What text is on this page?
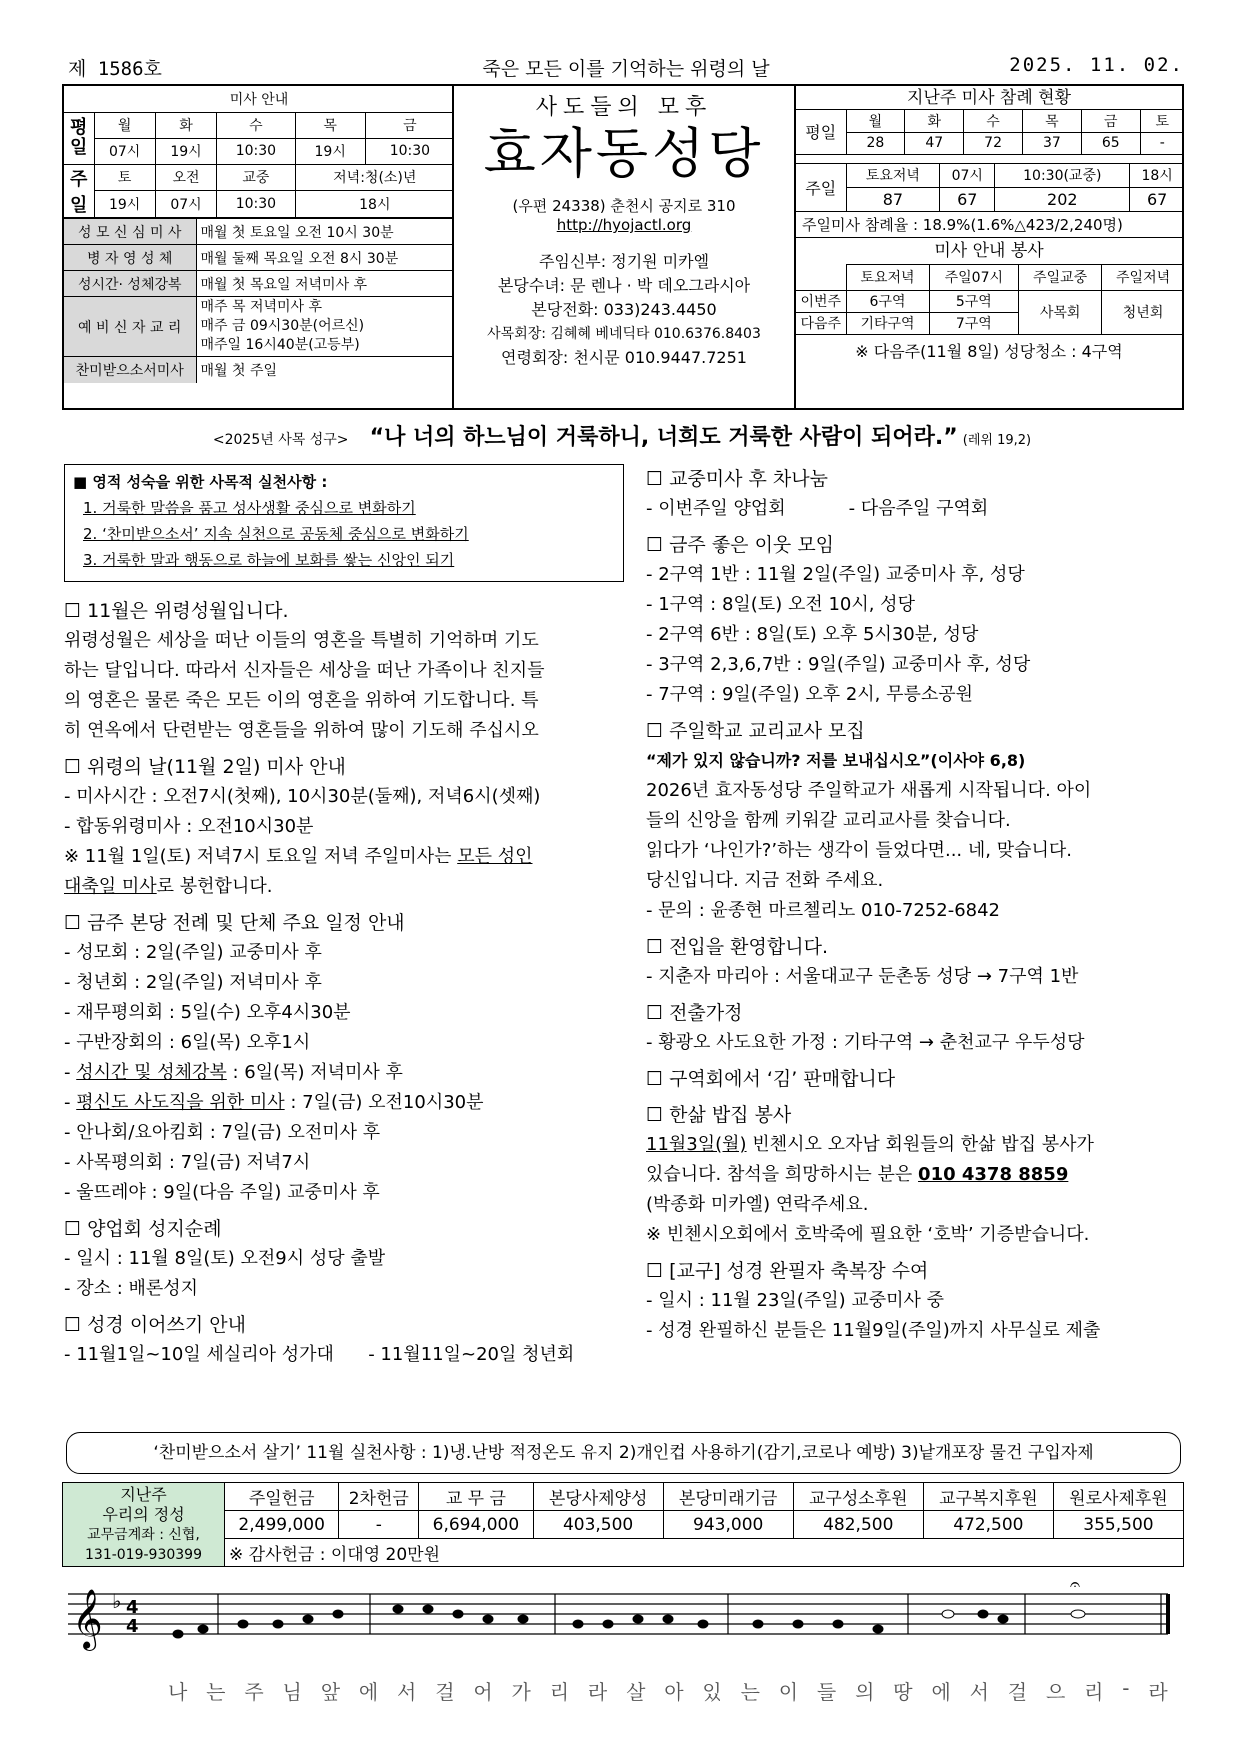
제 1586호	죽은 모든 이를 기억하는 위령의 날	2025. 11. 02.
미사 안내					
평일	월	화	수	목	금
	07시	19시	10:30	19시	10:30
주일	토	오전	교중	저녁:청(소)년	
	19시	07시	10:30	18시	
성 모 신 심 미 사	매월 첫 토요일 오전 10시 30분
병 자 영 성 체	매월 둘째 목요일 오전 8시 30분
성시간· 성체강복	매월 첫 목요일 저녁미사 후
예 비 신 자 교 리	매주 목 저녁미사 후
매주 금 09시30분(어르신)
매주일 16시40분(고등부)

찬미받으소서미사	매월 첫 주일
사도들의 모후
효자동성당
(우편 24338) 춘천시 공지로 310
http://hyojactl.org
주임신부: 정기원 미카엘
본당수녀: 문 렌나 · 박 데오그라시아
본당전화: 033)243.4450
사목회장: 김혜혜 베네딕타 010.6376.8403
연령회장: 천시문 010.9447.7251
지난주 미사 참례 현황
평일	월	화	수	목	금	토
	28	47	72	37	65	-
주일	토요저녁	07시	10:30(교중)	18시
	87	67	202	67
주일미사 참례율 : 18.9%(1.6%△423/2,240명)
미사 안내 봉사
	토요저녁	주일07시	주일교중	주일저녁
이번주	6구역	5구역	사목회	청년회
다음주	기타구역	7구역		
※ 다음주(11월 8일) 성당청소 : 4구역
<2025년 사목 성구> “나 너의 하느님이 거룩하니, 너희도 거룩한 사람이 되어라.” (레위 19,2)
■ 영적 성숙을 위한 사목적 실천사항 :
1. 거룩한 말씀을 품고 성사생활 중심으로 변화하기
2. ‘찬미받으소서’ 지속 실천으로 공동체 중심으로 변화하기
3. 거룩한 말과 행동으로 하늘에 보화를 쌓는 신앙인 되기
☐ 11월은 위령성월입니다.
위령성월은 세상을 떠난 이들의 영혼을 특별히 기억하며 기도
하는 달입니다. 따라서 신자들은 세상을 떠난 가족이나 친지들
의 영혼은 물론 죽은 모든 이의 영혼을 위하여 기도합니다. 특
히 연옥에서 단련받는 영혼들을 위하여 많이 기도해 주십시오
☐ 위령의 날(11월 2일) 미사 안내
- 미사시간 : 오전7시(첫째), 10시30분(둘째), 저녁6시(셋째)
- 합동위령미사 : 오전10시30분
※ 11월 1일(토) 저녁7시 토요일 저녁 주일미사는 모든 성인
대축일 미사로 봉헌합니다.
☐ 금주 본당 전례 및 단체 주요 일정 안내
- 성모회 : 2일(주일) 교중미사 후
- 청년회 : 2일(주일) 저녁미사 후
- 재무평의회 : 5일(수) 오후4시30분
- 구반장회의 : 6일(목) 오후1시
- 성시간 및 성체강복 : 6일(목) 저녁미사 후
- 평신도 사도직을 위한 미사 : 7일(금) 오전10시30분
- 안나회/요아킴회 : 7일(금) 오전미사 후
- 사목평의회 : 7일(금) 저녁7시
- 울뜨레야 : 9일(다음 주일) 교중미사 후
☐ 양업회 성지순례
- 일시 : 11월 8일(토) 오전9시 성당 출발
- 장소 : 배론성지
☐ 성경 이어쓰기 안내
- 11월1일~10일 세실리아 성가대      - 11월11일~20일 청년회
☐ 교중미사 후 차나눔
- 이번주일 양업회           - 다음주일 구역회
☐ 금주 좋은 이웃 모임
- 2구역 1반 : 11월 2일(주일) 교중미사 후, 성당
- 1구역 : 8일(토) 오전 10시, 성당
- 2구역 6반 : 8일(토) 오후 5시30분, 성당
- 3구역 2,3,6,7반 : 9일(주일) 교중미사 후, 성당
- 7구역 : 9일(주일) 오후 2시, 무릉소공원
☐ 주일학교 교리교사 모집
“제가 있지 않습니까? 저를 보내십시오”(이사야 6,8)
2026년 효자동성당 주일학교가 새롭게 시작됩니다. 아이
들의 신앙을 함께 키워갈 교리교사를 찾습니다.
읽다가 ‘나인가?’하는 생각이 들었다면... 네, 맞습니다.
당신입니다. 지금 전화 주세요.
- 문의 : 윤종현 마르첼리노 010-7252-6842
☐ 전입을 환영합니다.
- 지춘자 마리아 : 서울대교구 둔촌동 성당 → 7구역 1반
☐ 전출가정
- 황광오 사도요한 가정 : 기타구역 → 춘천교구 우두성당
☐ 구역회에서 ‘김’ 판매합니다
☐ 한삶 밥집 봉사
11월3일(월) 빈첸시오 오자남 회원들의 한삶 밥집 봉사가
있습니다. 참석을 희망하시는 분은 010 4378 8859
(박종화 미카엘) 연락주세요.
※ 빈첸시오회에서 호박죽에 필요한 ‘호박’ 기증받습니다.
☐ [교구] 성경 완필자 축복장 수여
- 일시 : 11월 23일(주일) 교중미사 중
- 성경 완필하신 분들은 11월9일(주일)까지 사무실로 제출
‘찬미받으소서 살기’ 11월 실천사항 : 1)냉.난방 적정온도 유지 2)개인컵 사용하기(감기,코로나 예방) 3)낱개포장 물건 구입자제
지난주
우리의 정성
교무금계좌 : 신협,
131-019-930399	주일헌금	2차헌금	교 무 금	본당사제양성	본당미래기금	교구성소후원	교구복지후원	원로사제후원
	2,499,000	-	6,694,000	403,500	943,000	482,500	472,500	355,500
	※ 감사헌금 : 이대영 20만원							
𝄞 ♭ 4
4
𝄐
나 는 주 님 앞 에 서 걸 어 가 리 라 살 아 있 는 이 들 의 땅 에 서 걸 으 리 - 라
